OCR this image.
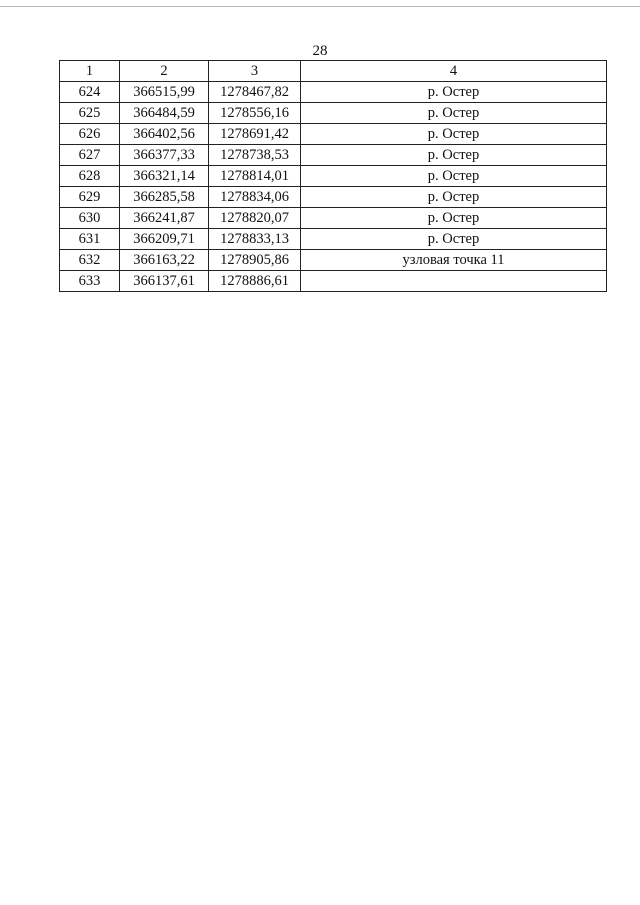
28
1	2	3	4
624	366515,99	1278467,82	р. Остер
625	366484,59	1278556,16	р. Остер
626	366402,56	1278691,42	р. Остер
627	366377,33	1278738,53	р. Остер
628	366321,14	1278814,01	р. Остер
629	366285,58	1278834,06	р. Остер
630	366241,87	1278820,07	р. Остер
631	366209,71	1278833,13	р. Остер
632	366163,22	1278905,86	узловая точка 11
633	366137,61	1278886,61	
